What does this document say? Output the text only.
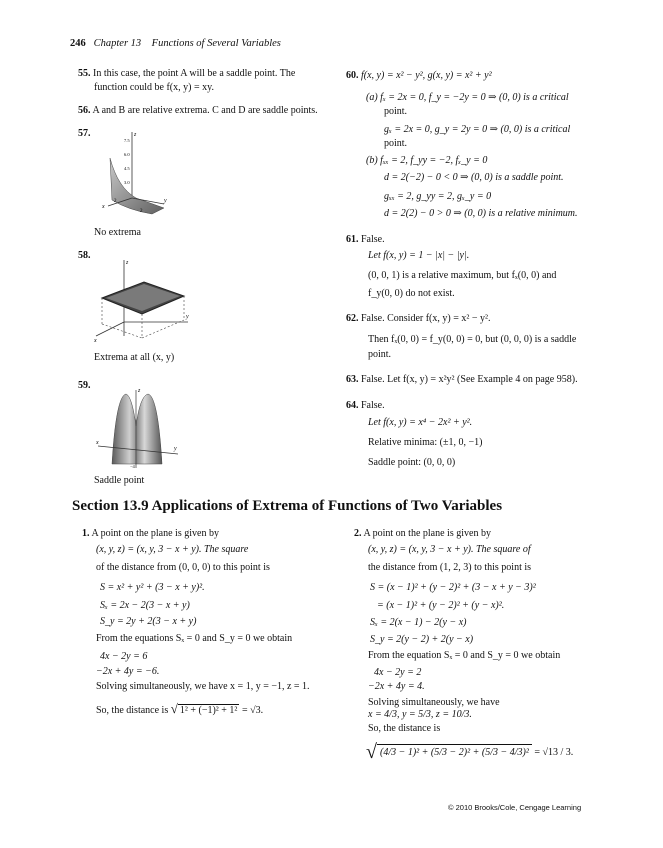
246 Chapter 13 Functions of Several Variables
55. In this case, the point A will be a saddle point. The
function could be f(x, y) = xy.
56. A and B are relative extrema. C and D are saddle points.
57.
7.5
6.0
4.5
3.0
z
x
y
2
2
No extrema
58.
z
x
y
Extrema at all (x, y)
59.	z
x
y
−4
Saddle point
60. f(x, y) = x² − y², g(x, y) = x² + y²
(a) fₓ = 2x = 0, f_y = −2y = 0 ⇒ (0, 0) is a critical
point.
gₓ = 2x = 0, g_y = 2y = 0 ⇒ (0, 0) is a critical
point.
(b) fₓₓ = 2, f_yy = −2, fₓ_y = 0
d = 2(−2) − 0 < 0 ⇒ (0, 0) is a saddle point.
gₓₓ = 2, g_yy = 2, gₓ_y = 0
d = 2(2) − 0 > 0 ⇒ (0, 0) is a relative minimum.
61. False.
Let f(x, y) = 1 − |x| − |y|.
(0, 0, 1) is a relative maximum, but fₓ(0, 0) and
f_y(0, 0) do not exist.
62. False. Consider f(x, y) = x² − y².
Then fₓ(0, 0) = f_y(0, 0) = 0, but (0, 0, 0) is a saddle
point.
63. False. Let f(x, y) = x²y² (See Example 4 on page 958).
64. False.
Let f(x, y) = x⁴ − 2x² + y².
Relative minima: (±1, 0, −1)
Saddle point: (0, 0, 0)
Section 13.9 Applications of Extrema of Functions of Two Variables
1. A point on the plane is given by
(x, y, z) = (x, y, 3 − x + y). The square
of the distance from (0, 0, 0) to this point is
S = x² + y² + (3 − x + y)².
Sₓ = 2x − 2(3 − x + y)
S_y = 2y + 2(3 − x + y)
From the equations Sₓ = 0 and S_y = 0 we obtain
4x − 2y = 6
−2x + 4y = −6.
Solving simultaneously, we have x = 1, y = −1, z = 1.
So, the distance is √ 1² + (−1)² + 1² = √3.
2. A point on the plane is given by
(x, y, z) = (x, y, 3 − x + y). The square of
the distance from (1, 2, 3) to this point is
S = (x − 1)² + (y − 2)² + (3 − x + y − 3)²
= (x − 1)² + (y − 2)² + (y − x)².
Sₓ = 2(x − 1) − 2(y − x)
S_y = 2(y − 2) + 2(y − x)
From the equation Sₓ = 0 and S_y = 0 we obtain
4x − 2y = 2
−2x + 4y = 4.
Solving simultaneously, we have
x = 4/3, y = 5/3, z = 10/3.
So, the distance is
√ (4/3 − 1)² + (5/3 − 2)² + (5/3 − 4/3)² = √13 / 3.
© 2010 Brooks/Cole, Cengage Learning
